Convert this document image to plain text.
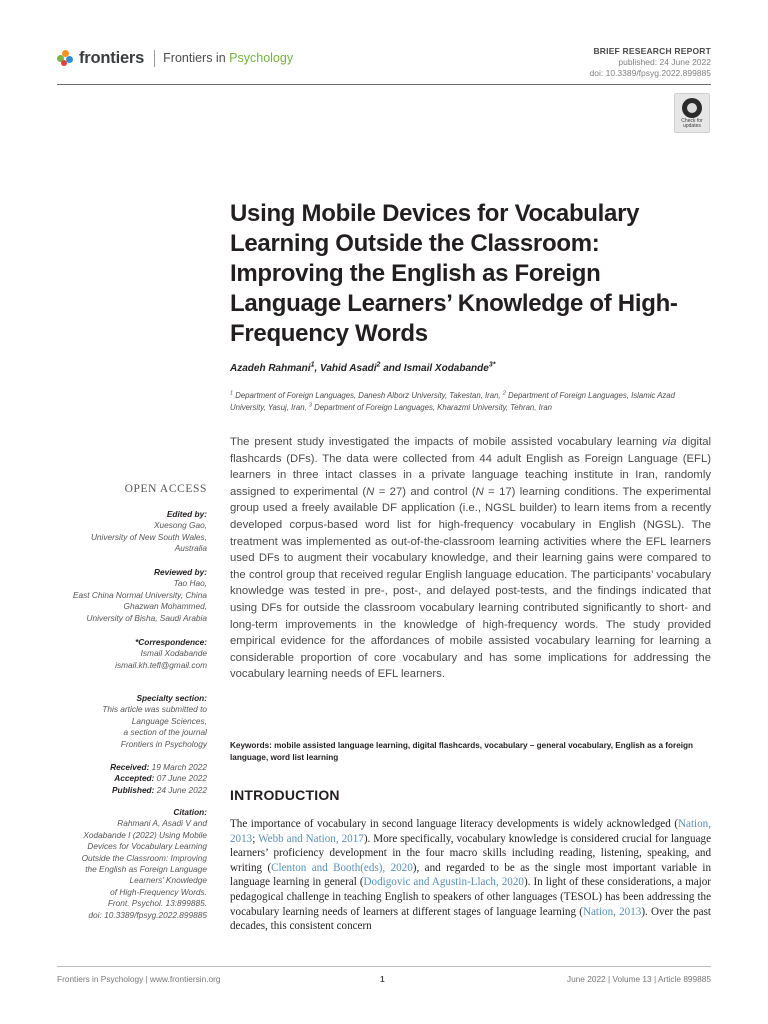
frontiers Frontiers in Psychology	BRIEF RESEARCH REPORT
published: 24 June 2022
doi: 10.3389/fpsyg.2022.899885
Check for
updates
Using Mobile Devices for Vocabulary Learning Outside the Classroom: Improving the English as Foreign Language Learners’ Knowledge of High-Frequency Words
Azadeh Rahmani$^1$, Vahid Asadi$^2$ and Ismail Xodabande$^{3*}$
$^1$ Department of Foreign Languages, Danesh Alborz University, Takestan, Iran, $^2$ Department of Foreign Languages, Islamic Azad University, Yasuj, Iran, $^3$ Department of Foreign Languages, Kharazmi University, Tehran, Iran
OPEN ACCESS
Edited by:
Xuesong Gao,
University of New South Wales,
Australia
Reviewed by:
Tao Hao,
East China Normal University, China
Ghazwan Mohammed,
University of Bisha, Saudi Arabia
*Correspondence:
Ismail Xodabande
ismail.kh.tefl@gmail.com
Specialty section:
This article was submitted to
Language Sciences,
a section of the journal
Frontiers in Psychology
Received: 19 March 2022
Accepted: 07 June 2022
Published: 24 June 2022
Citation:
Rahmani A, Asadi V and
Xodabande I (2022) Using Mobile
Devices for Vocabulary Learning
Outside the Classroom: Improving
the English as Foreign Language
Learners’ Knowledge
of High-Frequency Words.
Front. Psychol. 13:899885.
doi: 10.3389/fpsyg.2022.899885

The present study investigated the impacts of mobile assisted vocabulary learning via digital flashcards (DFs). The data were collected from 44 adult English as Foreign Language (EFL) learners in three intact classes in a private language teaching institute in Iran, randomly assigned to experimental (N = 27) and control (N = 17) learning conditions. The experimental group used a freely available DF application (i.e., NGSL builder) to learn items from a recently developed corpus-based word list for high-frequency vocabulary in English (NGSL). The treatment was implemented as out-of-the-classroom learning activities where the EFL learners used DFs to augment their vocabulary knowledge, and their learning gains were compared to the control group that received regular English language education. The participants’ vocabulary knowledge was tested in pre-, post-, and delayed post-tests, and the findings indicated that using DFs for outside the classroom vocabulary learning contributed significantly to short- and long-term improvements in the knowledge of high-frequency words. The study provided empirical evidence for the affordances of mobile assisted vocabulary learning for learning a considerable proportion of core vocabulary and has some implications for addressing the vocabulary learning needs of EFL learners.

Keywords: mobile assisted language learning, digital flashcards, vocabulary – general vocabulary, English as a foreign language, word list learning

INTRODUCTION

The importance of vocabulary in second language literacy developments is widely acknowledged (Nation, 2013; Webb and Nation, 2017). More specifically, vocabulary knowledge is considered crucial for language learners’ proficiency development in the four macro skills including reading, listening, speaking, and writing (Clenton and Booth(eds), 2020), and regarded to be as the single most important variable in language learning in general (Dodigovic and Agustin-Llach, 2020). In light of these considerations, a major pedagogical challenge in teaching English to speakers of other languages (TESOL) has been addressing the vocabulary learning needs of learners at different stages of language learning (Nation, 2013). Over the past decades, this consistent concern

Frontiers in Psychology | www.frontiersin.org	1	June 2022 | Volume 13 | Article 899885
